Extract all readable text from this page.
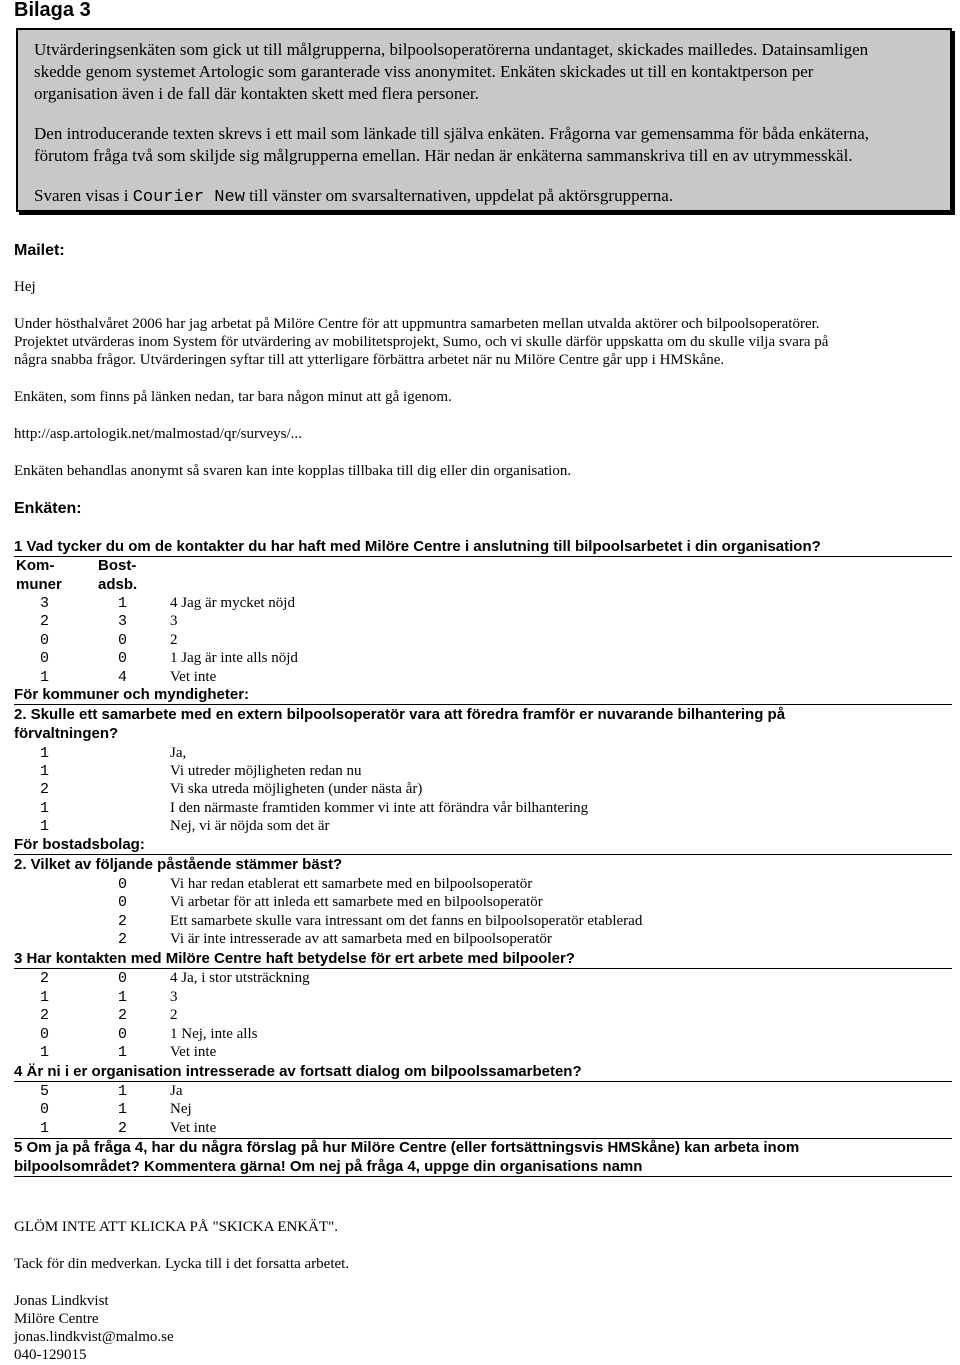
Bilaga 3
Utvärderingsenkäten som gick ut till målgrupperna, bilpoolsoperatörerna undantaget, skickades mailledes. Datainsamligen
skedde genom systemet Artologic som garanterade viss anonymitet. Enkäten skickades ut till en kontaktperson per
organisation även i de fall där kontakten skett med flera personer.
Den introducerande texten skrevs i ett mail som länkade till själva enkäten. Frågorna var gemensamma för båda enkäterna,
förutom fråga två som skiljde sig målgrupperna emellan. Här nedan är enkäterna sammanskriva till en av utrymmesskäl.
Svaren visas i Courier New till vänster om svarsalternativen, uppdelat på aktörsgrupperna.
Mailet:
Hej
Under hösthalvåret 2006 har jag arbetat på Milöre Centre för att uppmuntra samarbeten mellan utvalda aktörer och bilpoolsoperatörer.
Projektet utvärderas inom System för utvärdering av mobilitetsprojekt, Sumo, och vi skulle därför uppskatta om du skulle vilja svara på
några snabba frågor. Utvärderingen syftar till att ytterligare förbättra arbetet när nu Milöre Centre går upp i HMSkåne.
Enkäten, som finns på länken nedan, tar bara någon minut att gå igenom.
http://asp.artologik.net/malmostad/qr/surveys/...
Enkäten behandlas anonymt så svaren kan inte kopplas tillbaka till dig eller din organisation.
Enkäten:
1 Vad tycker du om de kontakter du har haft med Milöre Centre i anslutning till bilpoolsarbetet i din organisation?
Kom-
muner
Bost-
adsb.
3	1	4 Jag är mycket nöjd
2	3	3
0	0	2
0	0	1 Jag är inte alls nöjd
1	4	Vet inte
För kommuner och myndigheter:
2. Skulle ett samarbete med en extern bilpoolsoperatör vara att föredra framför er nuvarande bilhantering på
förvaltningen?
1	Ja,
1	Vi utreder möjligheten redan nu
2	Vi ska utreda möjligheten (under nästa år)
1	I den närmaste framtiden kommer vi inte att förändra vår bilhantering
1	Nej, vi är nöjda som det är
För bostadsbolag:
2. Vilket av följande påstående stämmer bäst?
0	Vi har redan etablerat ett samarbete med en bilpoolsoperatör
0	Vi arbetar för att inleda ett samarbete med en bilpoolsoperatör
2	Ett samarbete skulle vara intressant om det fanns en bilpoolsoperatör etablerad
2	Vi är inte intresserade av att samarbeta med en bilpoolsoperatör
3 Har kontakten med Milöre Centre haft betydelse för ert arbete med bilpooler?
2	0	4 Ja, i stor utsträckning
1	1	3
2	2	2
0	0	1 Nej, inte alls
1	1	Vet inte
4 Är ni i er organisation intresserade av fortsatt dialog om bilpoolssamarbeten?
5	1	Ja
0	1	Nej
1	2	Vet inte
5 Om ja på fråga 4, har du några förslag på hur Milöre Centre (eller fortsättningsvis HMSkåne) kan arbeta inom
bilpoolsområdet? Kommentera gärna! Om nej på fråga 4, uppge din organisations namn
GLÖM INTE ATT KLICKA PÅ "SKICKA ENKÄT".
Tack för din medverkan. Lycka till i det forsatta arbetet.
Jonas Lindkvist
Milöre Centre
jonas.lindkvist@malmo.se
040-129015
